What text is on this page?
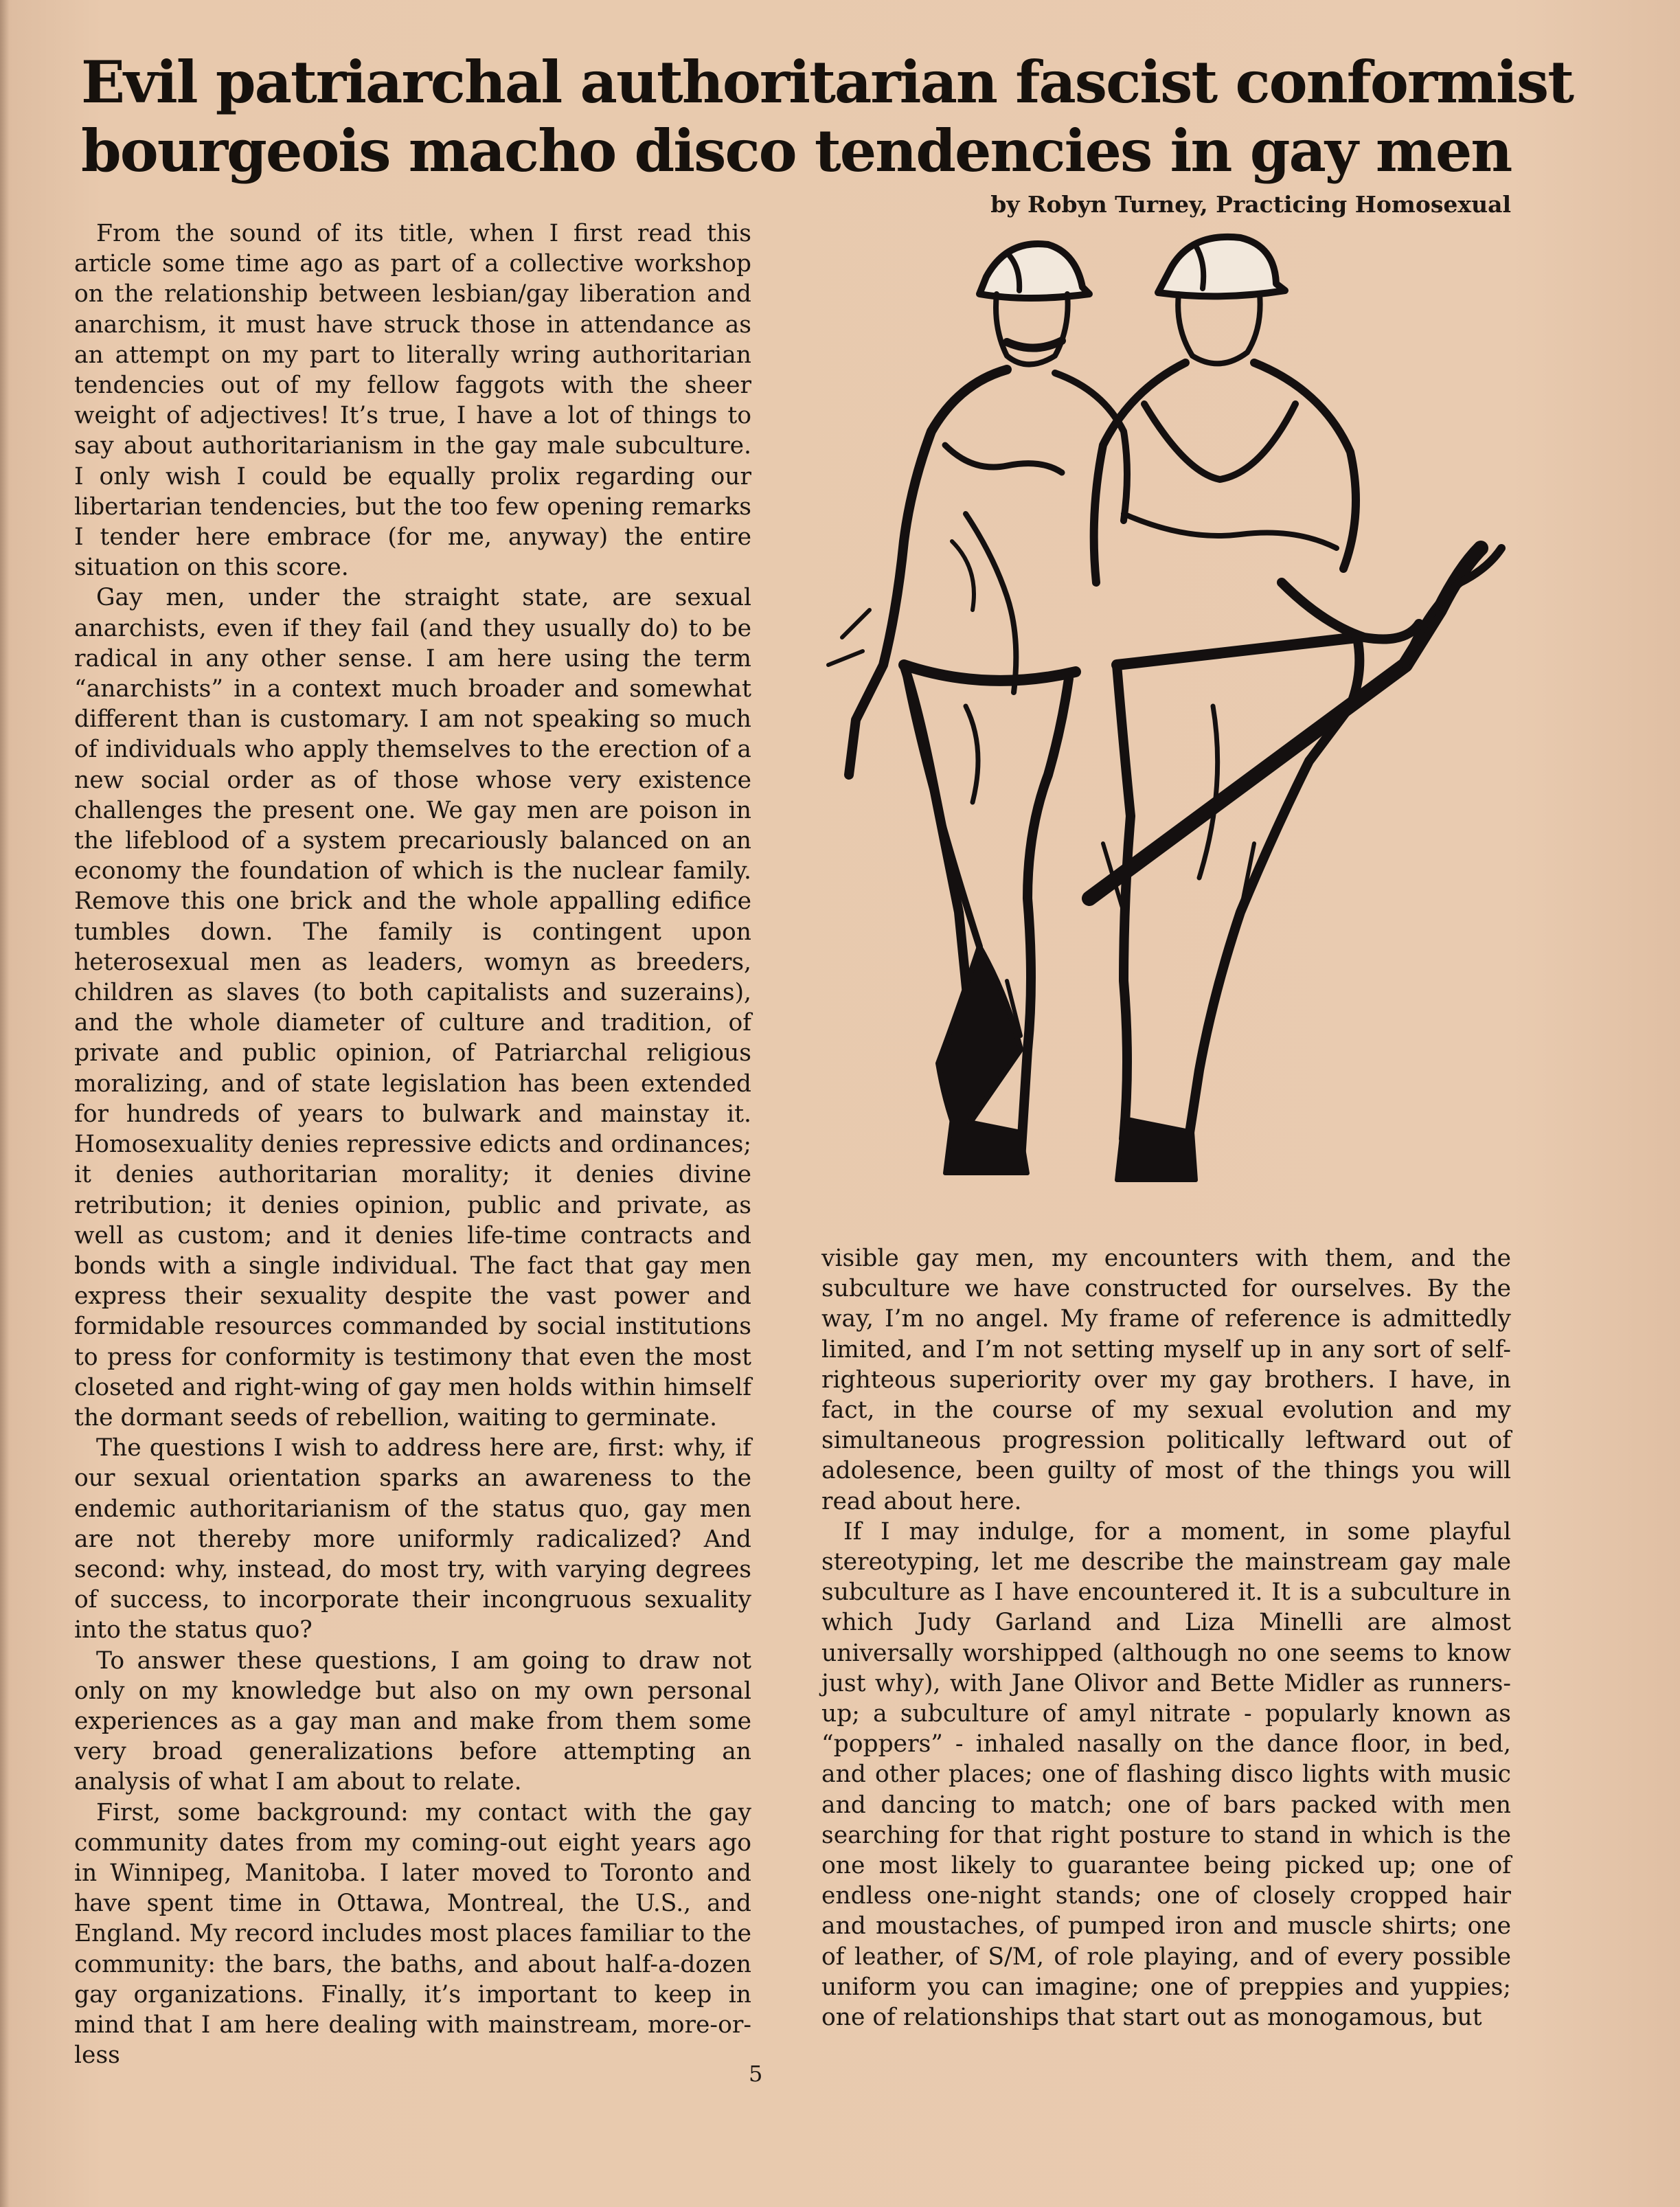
Evil patriarchal authoritarian fascist conformist
bourgeois macho disco tendencies in gay men
by Robyn Turney, Practicing Homosexual

From the sound of its title, when I first read this article some time ago as part of a collective workshop on the relationship between lesbian/gay liberation and anarchism, it must have struck those in attendance as an attempt on my part to literally wring authoritarian tendencies out of my fellow faggots with the sheer weight of adjectives! It’s true, I have a lot of things to say about authoritarianism in the gay male subculture. I only wish I could be equally prolix regarding our libertarian tendencies, but the too few opening remarks I tender here embrace (for me, anyway) the entire situation on this score.

Gay men, under the straight state, are sexual anarchists, even if they fail (and they usually do) to be radical in any other sense. I am here using the term “anarchists” in a context much broader and somewhat different than is customary. I am not speaking so much of individuals who apply themselves to the erection of a new social order as of those whose very existence challenges the present one. We gay men are poison in the lifeblood of a system precariously balanced on an economy the foundation of which is the nuclear family. Remove this one brick and the whole appalling edifice tumbles down. The family is contingent upon heterosexual men as leaders, womyn as breeders, children as slaves (to both capitalists and suzerains), and the whole diameter of culture and tradition, of private and public opinion, of Patriarchal religious moralizing, and of state legislation has been extended for hundreds of years to bulwark and mainstay it. Homosexuality denies repressive edicts and ordinances; it denies authoritarian morality; it denies divine retribution; it denies opinion, public and private, as well as custom; and it denies life-time contracts and bonds with a single individual. The fact that gay men express their sexuality despite the vast power and formidable resources commanded by social institutions to press for conformity is testimony that even the most closeted and right-wing of gay men holds within himself the dormant seeds of rebellion, waiting to germinate.

The questions I wish to address here are, first: why, if our sexual orientation sparks an awareness to the endemic authoritarianism of the status quo, gay men are not thereby more uniformly radicalized? And second: why, instead, do most try, with varying degrees of success, to incorporate their incongruous sexuality into the status quo?

To answer these questions, I am going to draw not only on my knowledge but also on my own personal experiences as a gay man and make from them some very broad generalizations before attempting an analysis of what I am about to relate.

First, some background: my contact with the gay community dates from my coming-out eight years ago in Winnipeg, Manitoba. I later moved to Toronto and have spent time in Ottawa, Montreal, the U.S., and England. My record includes most places familiar to the community: the bars, the baths, and about half-a-dozen gay organizations. Finally, it’s important to keep in mind that I am here dealing with mainstream, more-or-less

visible gay men, my encounters with them, and the subculture we have constructed for ourselves. By the way, I’m no angel. My frame of reference is admittedly limited, and I’m not setting myself up in any sort of self-righteous superiority over my gay brothers. I have, in fact, in the course of my sexual evolution and my simultaneous progression politically leftward out of adolesence, been guilty of most of the things you will read about here.

If I may indulge, for a moment, in some playful stereotyping, let me describe the mainstream gay male subculture as I have encountered it. It is a subculture in which Judy Garland and Liza Minelli are almost universally worshipped (although no one seems to know just why), with Jane Olivor and Bette Midler as runners-up; a subculture of amyl nitrate - popularly known as “poppers” - inhaled nasally on the dance floor, in bed, and other places; one of flashing disco lights with music and dancing to match; one of bars packed with men searching for that right posture to stand in which is the one most likely to guarantee being picked up; one of endless one-night stands; one of closely cropped hair and moustaches, of pumped iron and muscle shirts; one of leather, of S/M, of role playing, and of every possible uniform you can imagine; one of preppies and yuppies; one of relationships that start out as monogamous, but

5
